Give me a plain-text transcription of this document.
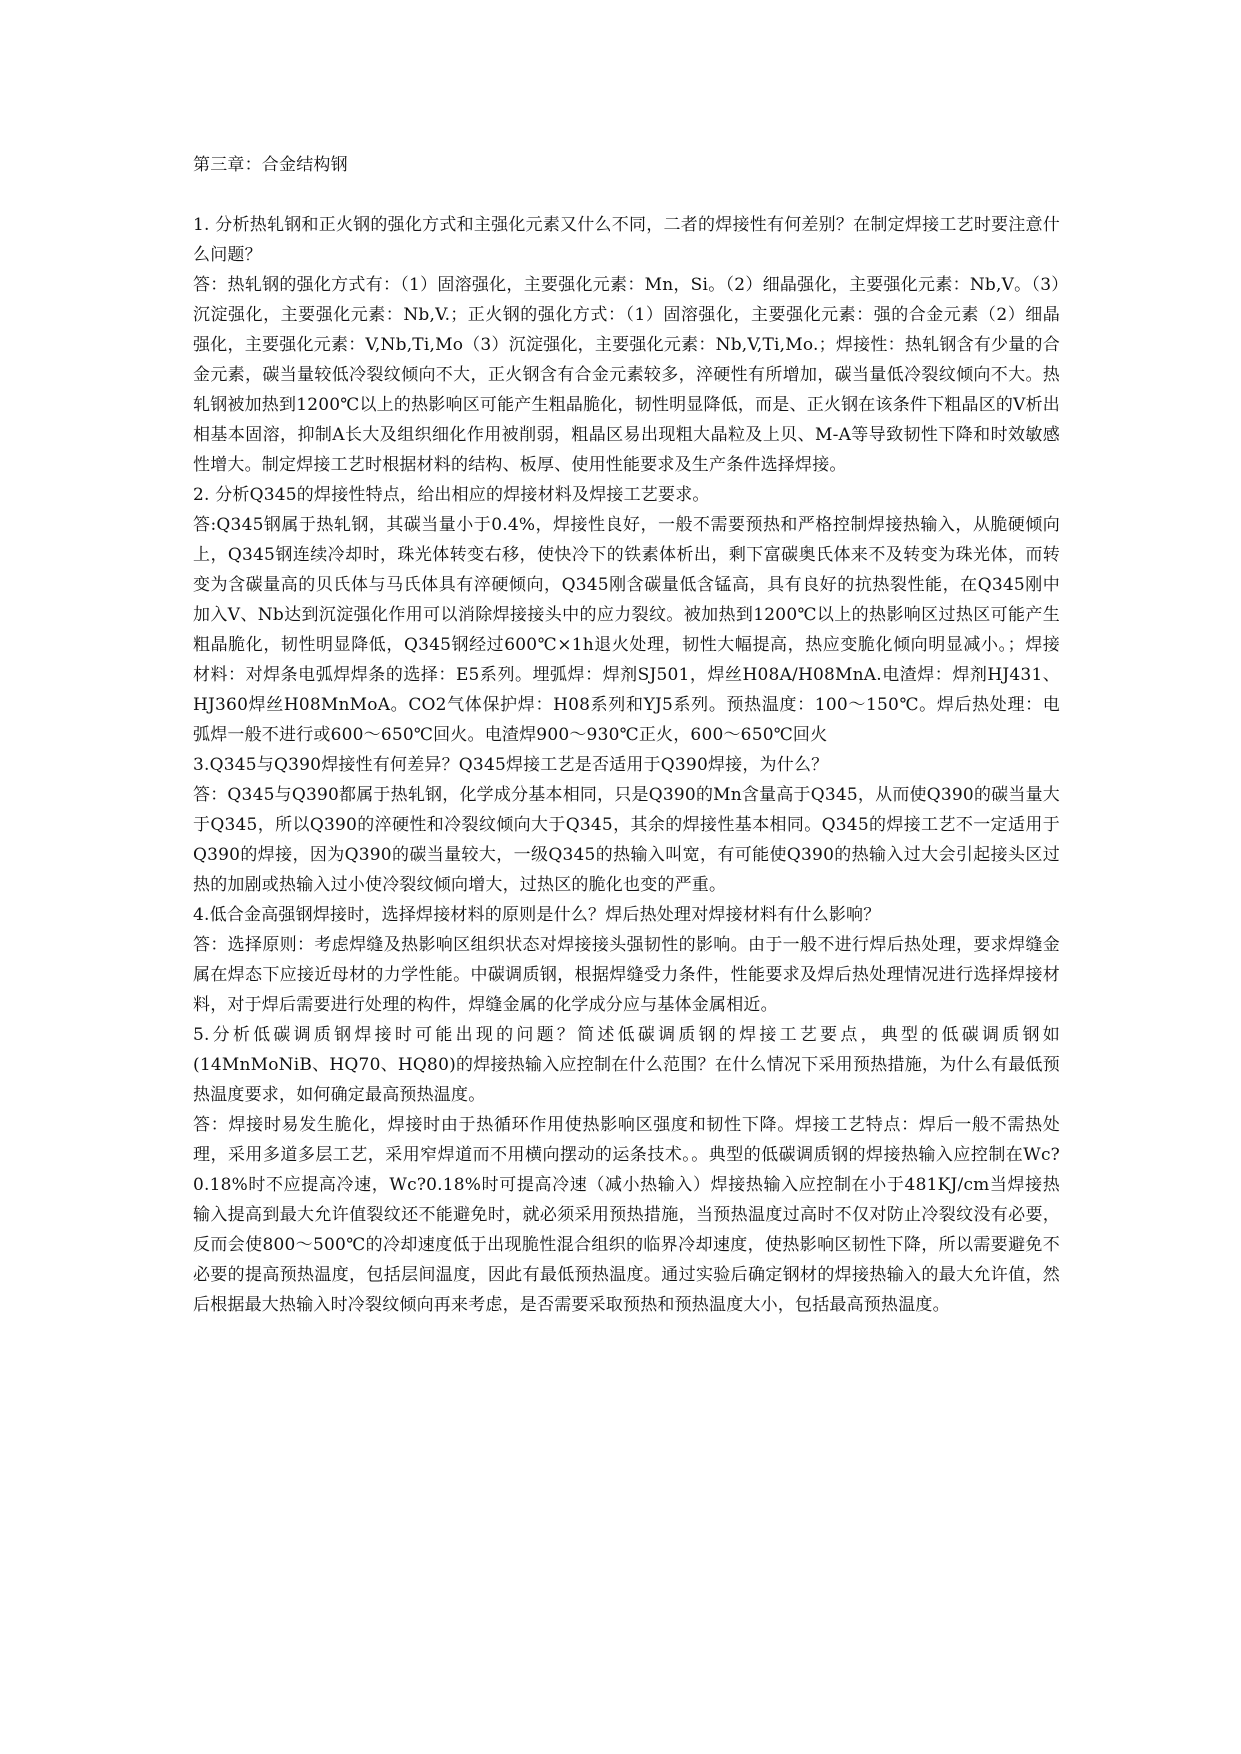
第三章：合金结构钢

1. 分析热轧钢和正火钢的强化方式和主强化元素又什么不同，二者的焊接性有何差别？在制定焊接工艺时要注意什么问题？

答：热轧钢的强化方式有：（1）固溶强化，主要强化元素：Mn，Si。（2）细晶强化，主要强化元素：Nb,V。（3）沉淀强化，主要强化元素：Nb,V.；正火钢的强化方式：（1）固溶强化，主要强化元素：强的合金元素（2）细晶强化，主要强化元素：V,Nb,Ti,Mo（3）沉淀强化，主要强化元素：Nb,V,Ti,Mo.；焊接性：热轧钢含有少量的合金元素，碳当量较低冷裂纹倾向不大，正火钢含有合金元素较多，淬硬性有所增加，碳当量低冷裂纹倾向不大。热轧钢被加热到1200℃以上的热影响区可能产生粗晶脆化，韧性明显降低，而是、正火钢在该条件下粗晶区的V析出相基本固溶，抑制A长大及组织细化作用被削弱，粗晶区易出现粗大晶粒及上贝、M-A等导致韧性下降和时效敏感性增大。制定焊接工艺时根据材料的结构、板厚、使用性能要求及生产条件选择焊接。

2. 分析Q345的焊接性特点，给出相应的焊接材料及焊接工艺要求。

答:Q345钢属于热轧钢，其碳当量小于0.4%，焊接性良好，一般不需要预热和严格控制焊接热输入，从脆硬倾向上，Q345钢连续冷却时，珠光体转变右移，使快冷下的铁素体析出，剩下富碳奥氏体来不及转变为珠光体，而转变为含碳量高的贝氏体与马氏体具有淬硬倾向，Q345刚含碳量低含锰高，具有良好的抗热裂性能，在Q345刚中加入V、Nb达到沉淀强化作用可以消除焊接接头中的应力裂纹。被加热到1200℃以上的热影响区过热区可能产生粗晶脆化，韧性明显降低，Q345钢经过600℃×1h退火处理，韧性大幅提高，热应变脆化倾向明显减小。；焊接材料：对焊条电弧焊焊条的选择：E5系列。埋弧焊：焊剂SJ501，焊丝H08A/H08MnA.电渣焊：焊剂HJ431、HJ360焊丝H08MnMoA。CO2气体保护焊：H08系列和YJ5系列。预热温度：100～150℃。焊后热处理：电弧焊一般不进行或600～650℃回火。电渣焊900～930℃正火，600～650℃回火

3.Q345与Q390焊接性有何差异？Q345焊接工艺是否适用于Q390焊接，为什么？

答：Q345与Q390都属于热轧钢，化学成分基本相同，只是Q390的Mn含量高于Q345，从而使Q390的碳当量大于Q345，所以Q390的淬硬性和冷裂纹倾向大于Q345，其余的焊接性基本相同。Q345的焊接工艺不一定适用于Q390的焊接，因为Q390的碳当量较大，一级Q345的热输入叫宽，有可能使Q390的热输入过大会引起接头区过热的加剧或热输入过小使冷裂纹倾向增大，过热区的脆化也变的严重。

4.低合金高强钢焊接时，选择焊接材料的原则是什么？焊后热处理对焊接材料有什么影响？

答：选择原则：考虑焊缝及热影响区组织状态对焊接接头强韧性的影响。由于一般不进行焊后热处理，要求焊缝金属在焊态下应接近母材的力学性能。中碳调质钢，根据焊缝受力条件，性能要求及焊后热处理情况进行选择焊接材料，对于焊后需要进行处理的构件，焊缝金属的化学成分应与基体金属相近。

5.分析低碳调质钢焊接时可能出现的问题？简述低碳调质钢的焊接工艺要点，典型的低碳调质钢如(14MnMoNiB、HQ70、HQ80)的焊接热输入应控制在什么范围？在什么情况下采用预热措施，为什么有最低预热温度要求，如何确定最高预热温度。

答：焊接时易发生脆化，焊接时由于热循环作用使热影响区强度和韧性下降。焊接工艺特点：焊后一般不需热处理，采用多道多层工艺，采用窄焊道而不用横向摆动的运条技术。。典型的低碳调质钢的焊接热输入应控制在Wc?0.18%时不应提高冷速，Wc?0.18%时可提高冷速（减小热输入）焊接热输入应控制在小于481KJ/cm当焊接热输入提高到最大允许值裂纹还不能避免时，就必须采用预热措施，当预热温度过高时不仅对防止冷裂纹没有必要，反而会使800～500℃的冷却速度低于出现脆性混合组织的临界冷却速度，使热影响区韧性下降，所以需要避免不必要的提高预热温度，包括层间温度，因此有最低预热温度。通过实验后确定钢材的焊接热输入的最大允许值，然后根据最大热输入时冷裂纹倾向再来考虑，是否需要采取预热和预热温度大小，包括最高预热温度。
